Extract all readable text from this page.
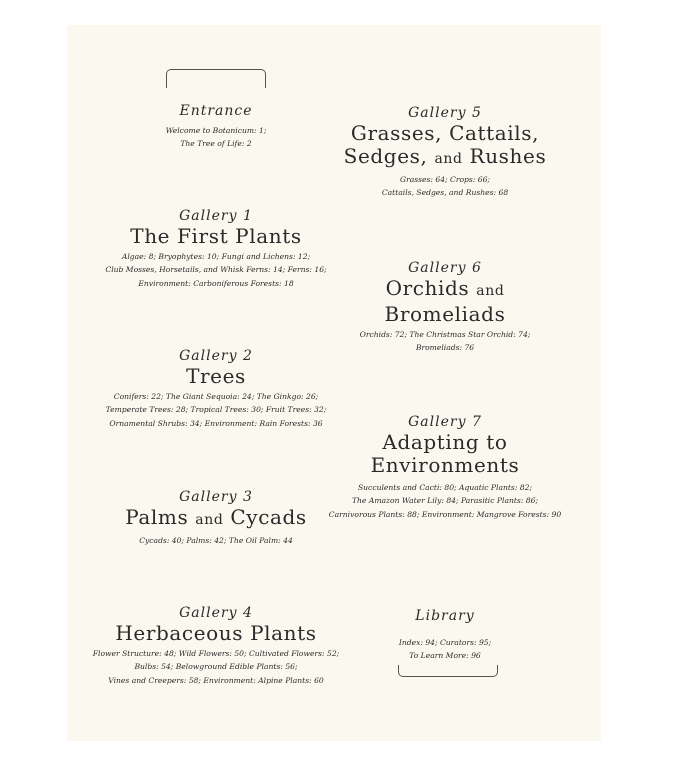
Entrance
Welcome to Botanicum: 1;
The Tree of Life: 2
Gallery 1
The First Plants
Algae: 8; Bryophytes: 10; Fungi and Lichens: 12;
Club Mosses, Horsetails, and Whisk Ferns: 14; Ferns: 16;
Environment: Carboniferous Forests: 18
Gallery 2
Trees
Conifers: 22; The Giant Sequoia: 24; The Ginkgo: 26;
Temperate Trees: 28; Tropical Trees: 30; Fruit Trees: 32;
Ornamental Shrubs: 34; Environment: Rain Forests: 36
Gallery 3
Palms and Cycads
Cycads: 40; Palms: 42; The Oil Palm: 44
Gallery 4
Herbaceous Plants
Flower Structure: 48; Wild Flowers: 50; Cultivated Flowers: 52;
Bulbs: 54; Belowground Edible Plants: 56;
Vines and Creepers: 58; Environment: Alpine Plants: 60
Gallery 5
Grasses, Cattails,
Sedges, and Rushes
Grasses: 64; Crops: 66;
Cattails, Sedges, and Rushes: 68
Gallery 6
Orchids and
Bromeliads
Orchids: 72; The Christmas Star Orchid: 74;
Bromeliads: 76
Gallery 7
Adapting to
Environments
Succulents and Cacti: 80; Aquatic Plants: 82;
The Amazon Water Lily: 84; Parasitic Plants: 86;
Carnivorous Plants: 88; Environment: Mangrove Forests: 90
Library
Index: 94; Curators: 95;
To Learn More: 96
